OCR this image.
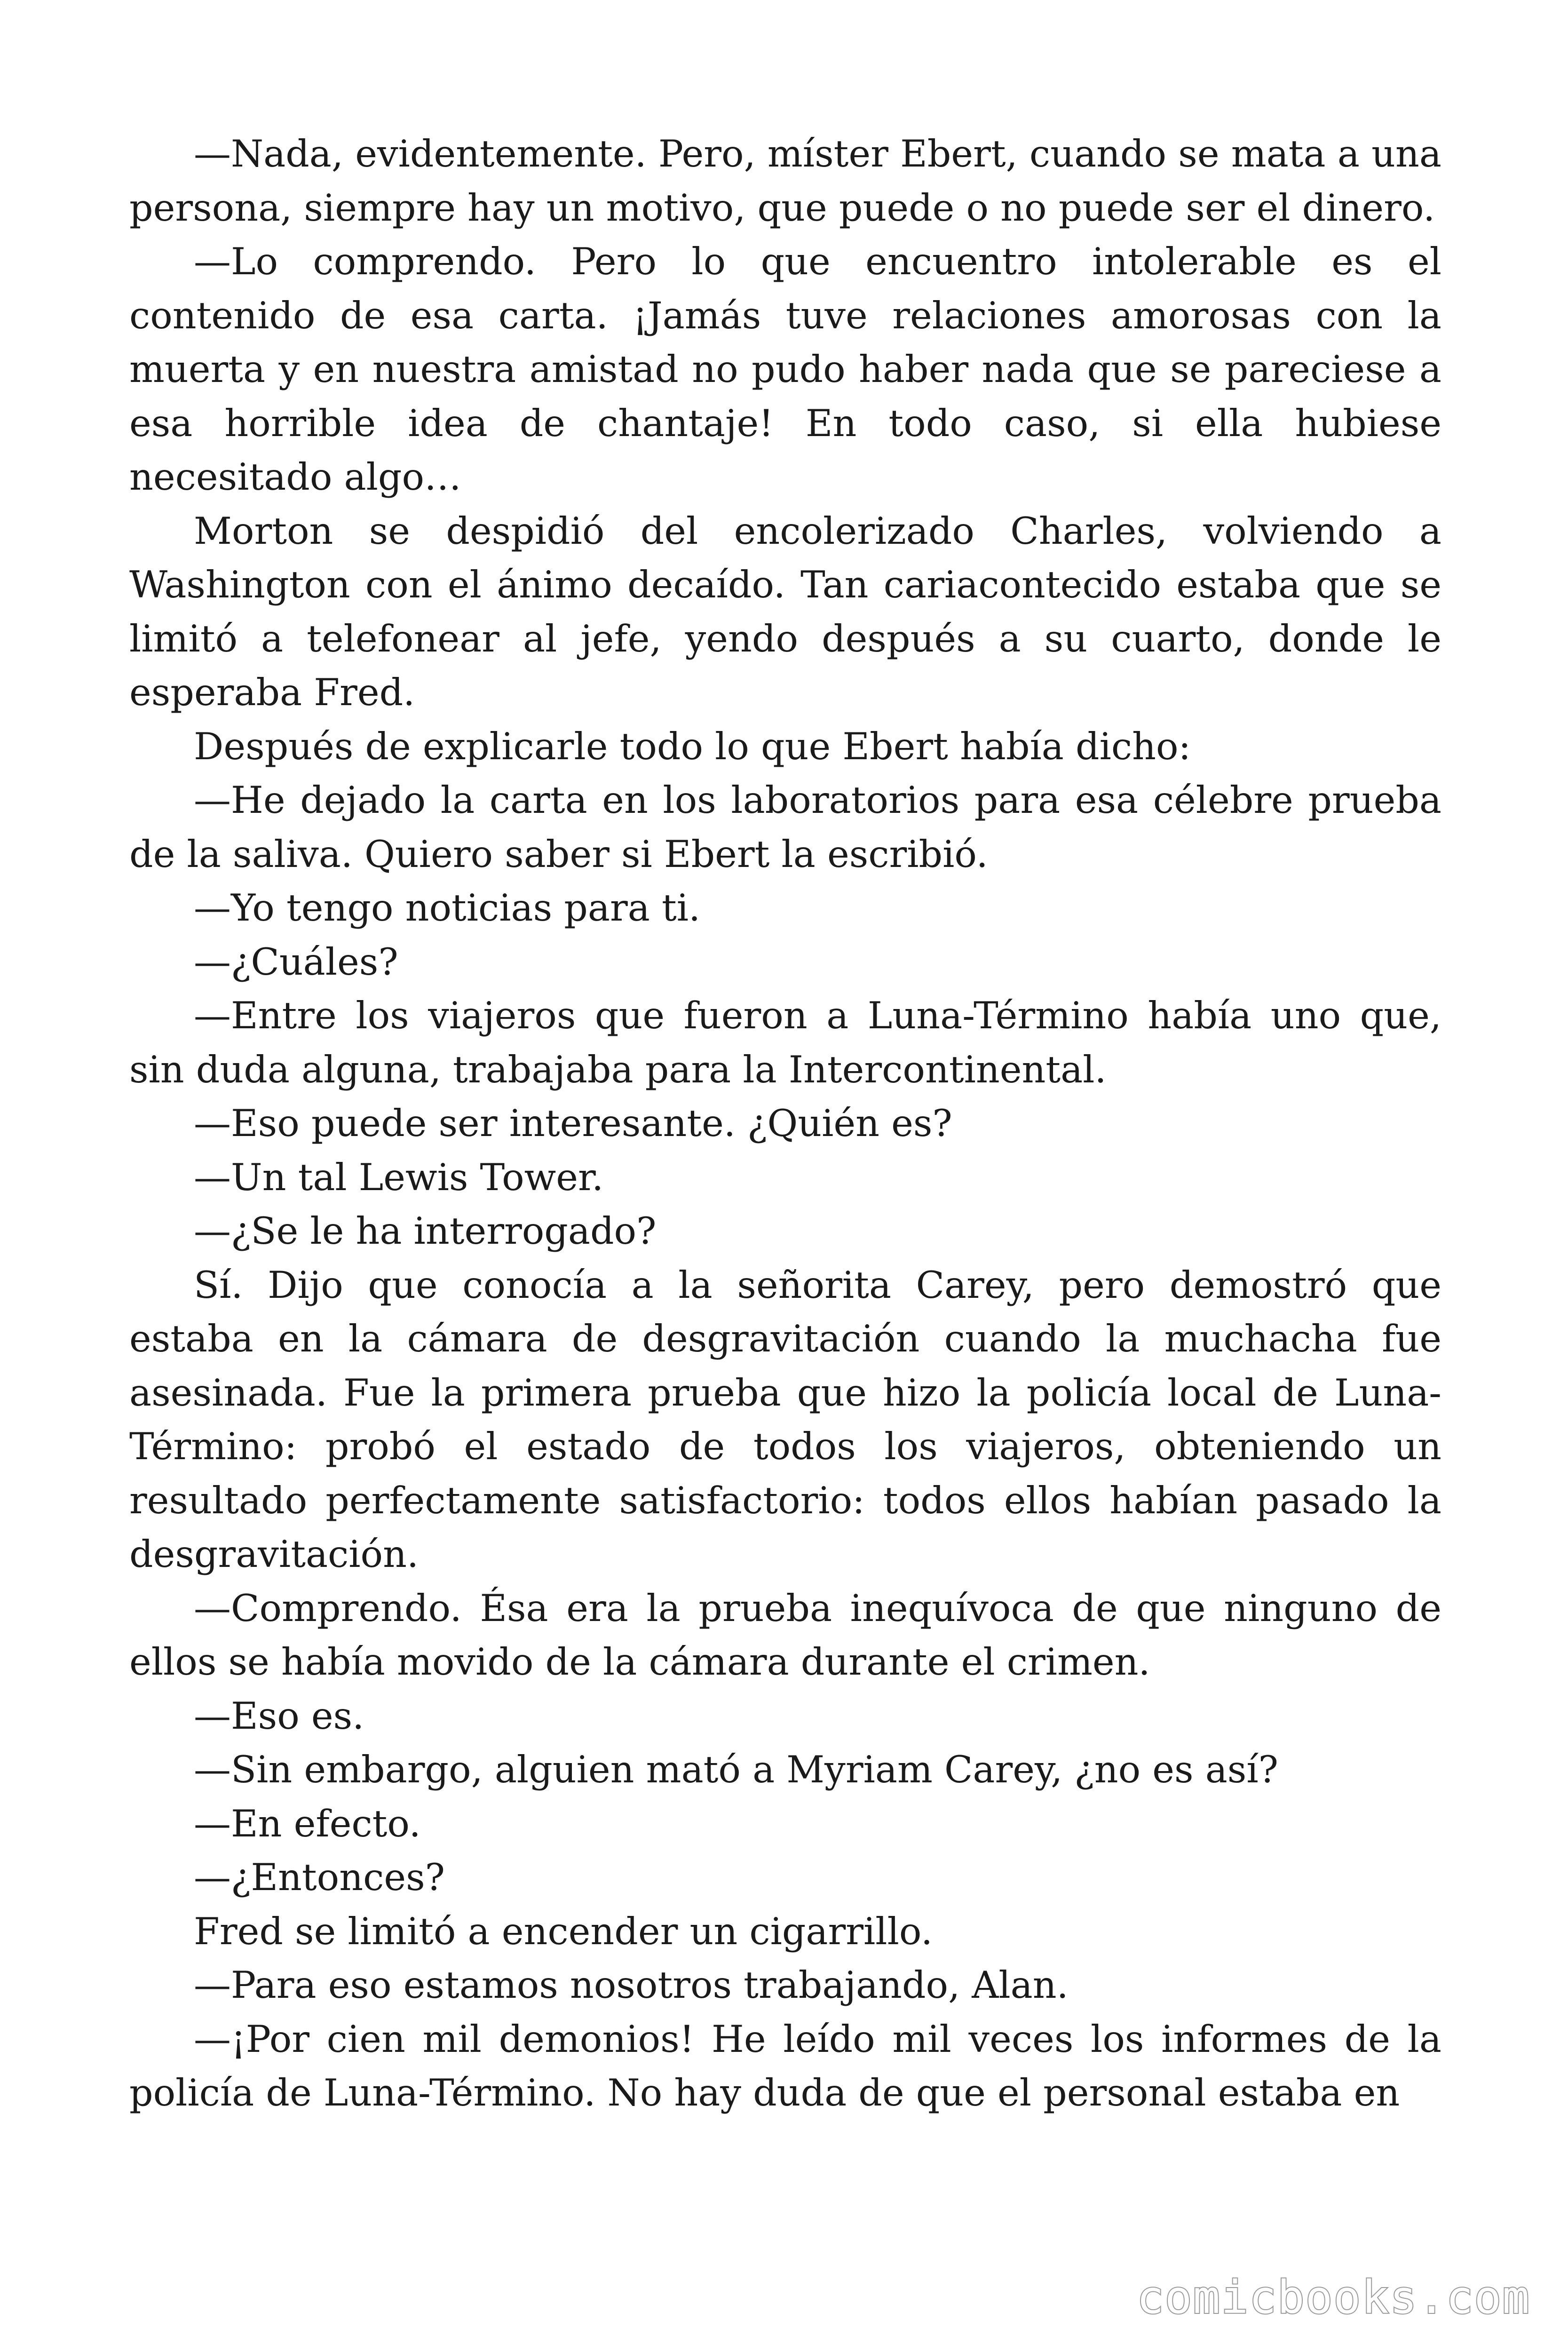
—Nada, evidentemente. Pero, míster Ebert, cuando se mata a una persona, siempre hay un motivo, que puede o no puede ser el dinero.

—Lo comprendo. Pero lo que encuentro intolerable es el contenido de esa carta. ¡Jamás tuve relaciones amorosas con la muerta y en nuestra amistad no pudo haber nada que se pareciese a esa horrible idea de chantaje! En todo caso, si ella hubiese necesitado algo…

Morton se despidió del encolerizado Charles, volviendo a Washington con el ánimo decaído. Tan cariacontecido estaba que se limitó a telefonear al jefe, yendo después a su cuarto, donde le esperaba Fred.

Después de explicarle todo lo que Ebert había dicho:

—He dejado la carta en los laboratorios para esa célebre prueba de la saliva. Quiero saber si Ebert la escribió.

—Yo tengo noticias para ti.

—¿Cuáles?

—Entre los viajeros que fueron a Luna-Término había uno que, sin duda alguna, trabajaba para la Intercontinental.

—Eso puede ser interesante. ¿Quién es?

—Un tal Lewis Tower.

—¿Se le ha interrogado?

Sí. Dijo que conocía a la señorita Carey, pero demostró que estaba en la cámara de desgravitación cuando la muchacha fue asesinada. Fue la primera prueba que hizo la policía local de Luna-Término: probó el estado de todos los viajeros, obteniendo un resultado perfectamente satisfactorio: todos ellos habían pasado la desgravitación.

—Comprendo. Ésa era la prueba inequívoca de que ninguno de ellos se había movido de la cámara durante el crimen.

—Eso es.

—Sin embargo, alguien mató a Myriam Carey, ¿no es así?

—En efecto.

—¿Entonces?

Fred se limitó a encender un cigarrillo.

—Para eso estamos nosotros trabajando, Alan.

—¡Por cien mil demonios! He leído mil veces los informes de la policía de Luna-Término. No hay duda de que el personal estaba en

comicbooks.com
